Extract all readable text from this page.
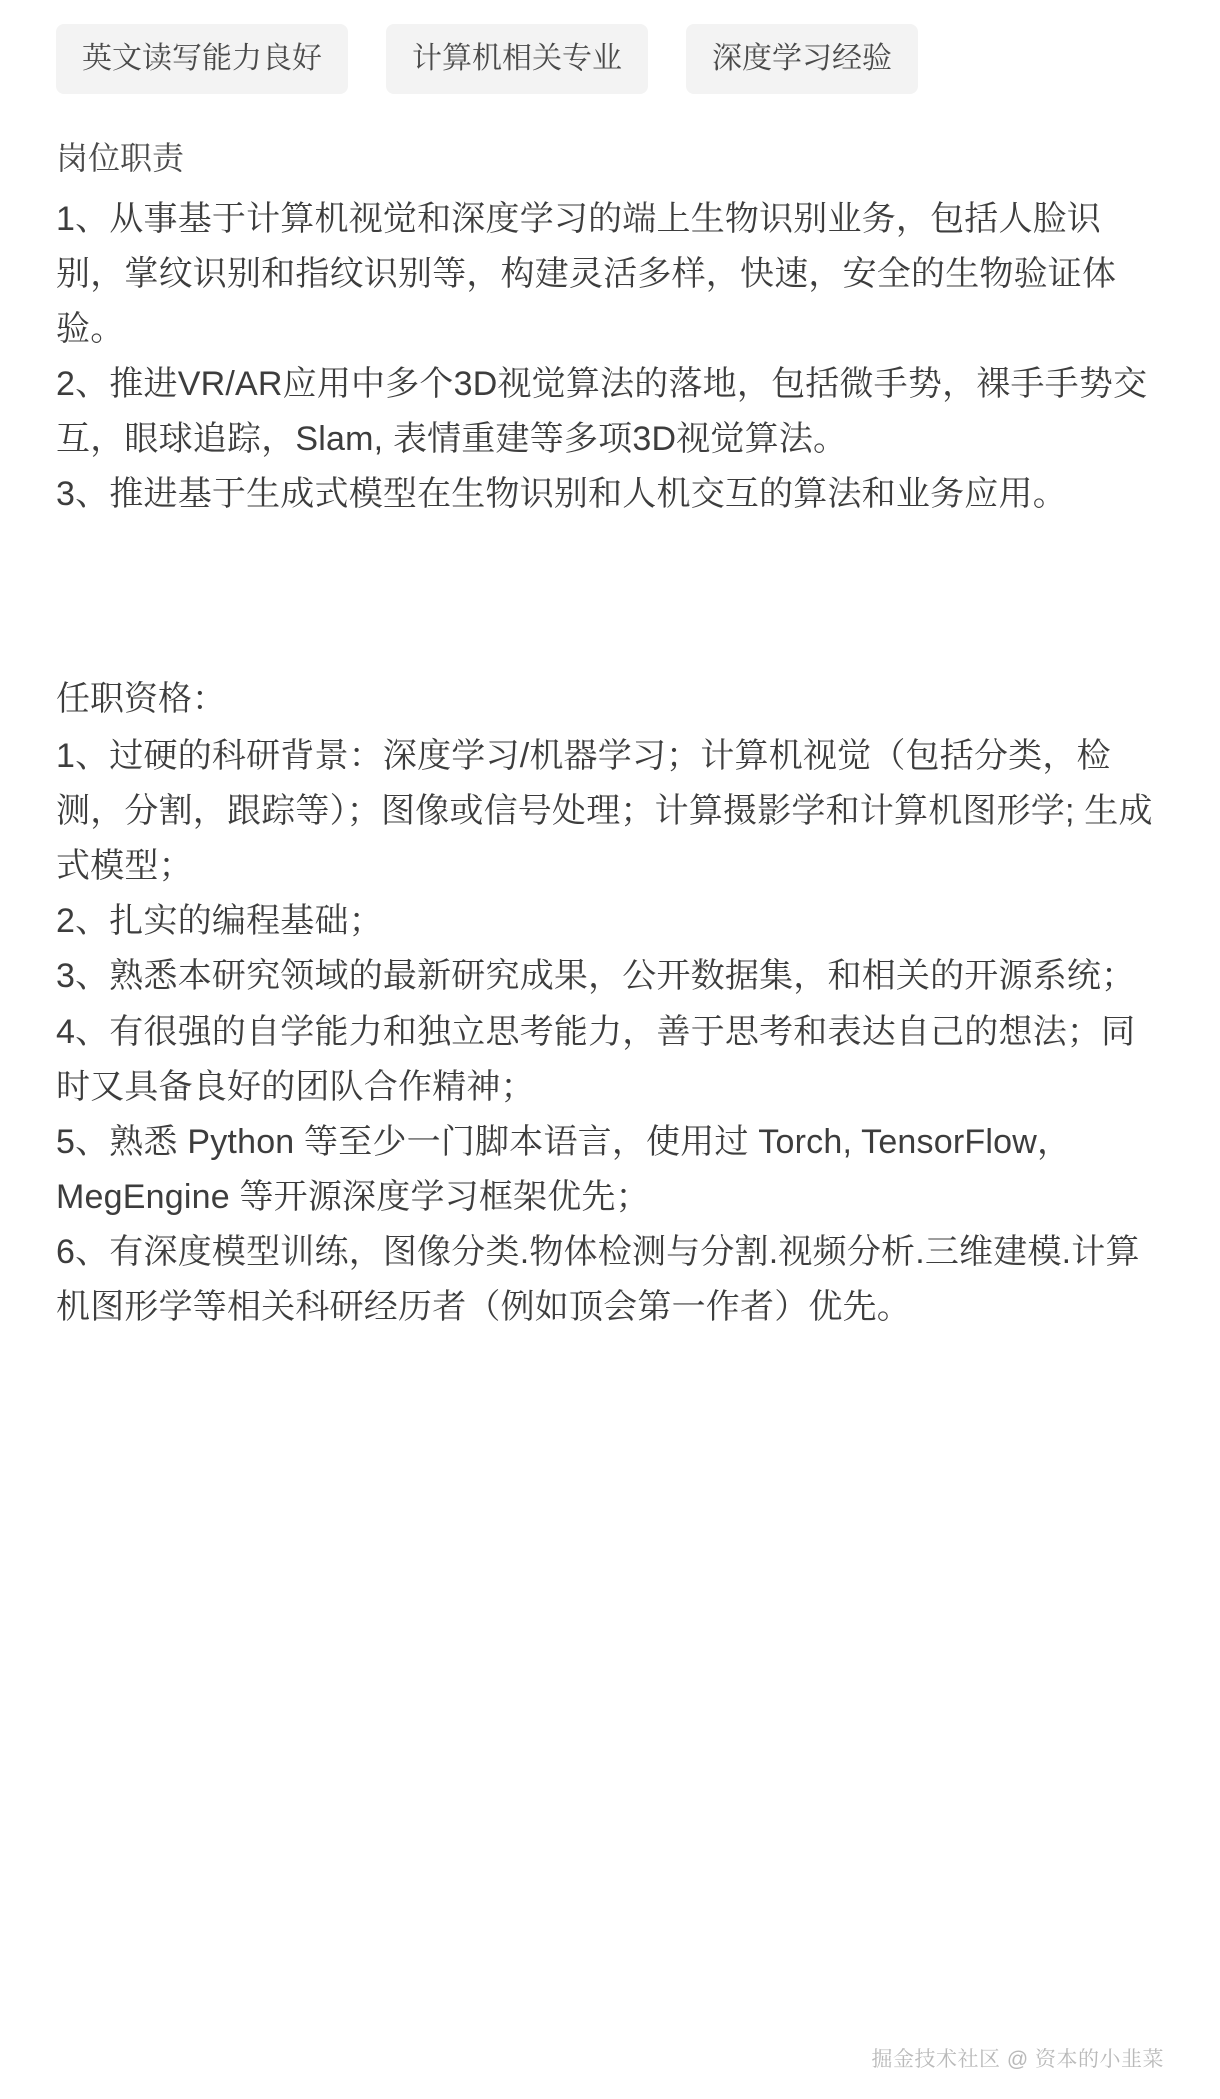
英文读写能力良好	计算机相关专业	深度学习经验
岗位职责

1、从事基于计算机视觉和深度学习的端上生物识别业务，包括人脸识别，掌纹识别和指纹识别等，构建灵活多样，快速，安全的生物验证体验。

2、推进VR/AR应用中多个3D视觉算法的落地，包括微手势，裸手手势交互，眼球追踪，Slam, 表情重建等多项3D视觉算法。

3、推进基于生成式模型在生物识别和人机交互的算法和业务应用。

任职资格：

1、过硬的科研背景：深度学习/机器学习；计算机视觉（包括分类，检测，分割，跟踪等）；图像或信号处理；计算摄影学和计算机图形学; 生成式模型；

2、扎实的编程基础；

3、熟悉本研究领域的最新研究成果，公开数据集，和相关的开源系统；

4、有很强的自学能力和独立思考能力，善于思考和表达自己的想法；同时又具备良好的团队合作精神；

5、熟悉 Python 等至少一门脚本语言，使用过 Torch, TensorFlow，MegEngine 等开源深度学习框架优先；

6、有深度模型训练，图像分类.物体检测与分割.视频分析.三维建模.计算机图形学等相关科研经历者（例如顶会第一作者）优先。

掘金技术社区 @ 资本的小韭菜
